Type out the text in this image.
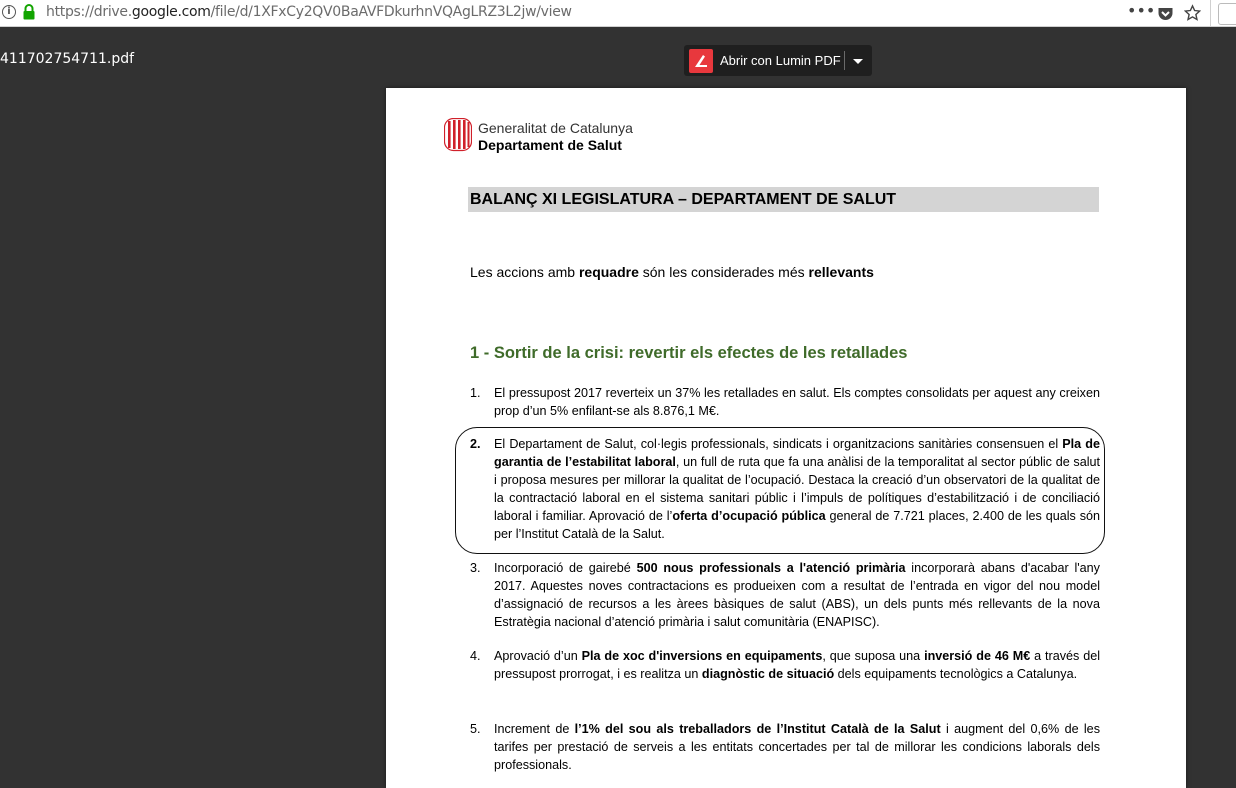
i	https://drive.google.com/file/d/1XFxCy2QV0BaAVFDkurhnVQAgLRZ3L2jw/view	•••
411702754711.pdf	Abrir con Lumin PDF
Generalitat de Catalunya
Departament de Salut
BALANÇ XI LEGISLATURA – DEPARTAMENT DE SALUT
Les accions amb requadre són les considerades més rellevants
1 - Sortir de la crisi: revertir els efectes de les retallades
1. El pressupost 2017 reverteix un 37% les retallades en salut. Els comptes consolidats per aquest any creixen prop d’un 5% enfilant-se als 8.876,1 M€.
2. El Departament de Salut, col·legis professionals, sindicats i organitzacions sanitàries consensuen el Pla de garantia de l’estabilitat laboral, un full de ruta que fa una anàlisi de la temporalitat al sector públic de salut i proposa mesures per millorar la qualitat de l’ocupació. Destaca la creació d’un observatori de la qualitat de la contractació laboral en el sistema sanitari públic i l’impuls de polítiques d’estabilització i de conciliació laboral i familiar. Aprovació de l’oferta d’ocupació pública general de 7.721 places, 2.400 de les quals són per l’Institut Català de la Salut.
3. Incorporació de gairebé 500 nous professionals a l'atenció primària incorporarà abans d'acabar l'any 2017. Aquestes noves contractacions es produeixen com a resultat de l’entrada en vigor del nou model d’assignació de recursos a les àrees bàsiques de salut (ABS), un dels punts més rellevants de la nova Estratègia nacional d’atenció primària i salut comunitària (ENAPISC).
4. Aprovació d’un Pla de xoc d'inversions en equipaments, que suposa una inversió de 46 M€ a través del pressupost prorrogat, i es realitza un diagnòstic de situació dels equipaments tecnològics a Catalunya.
5. Increment de l’1% del sou als treballadors de l’Institut Català de la Salut i augment del 0,6% de les tarifes per prestació de serveis a les entitats concertades per tal de millorar les condicions laborals dels professionals.
